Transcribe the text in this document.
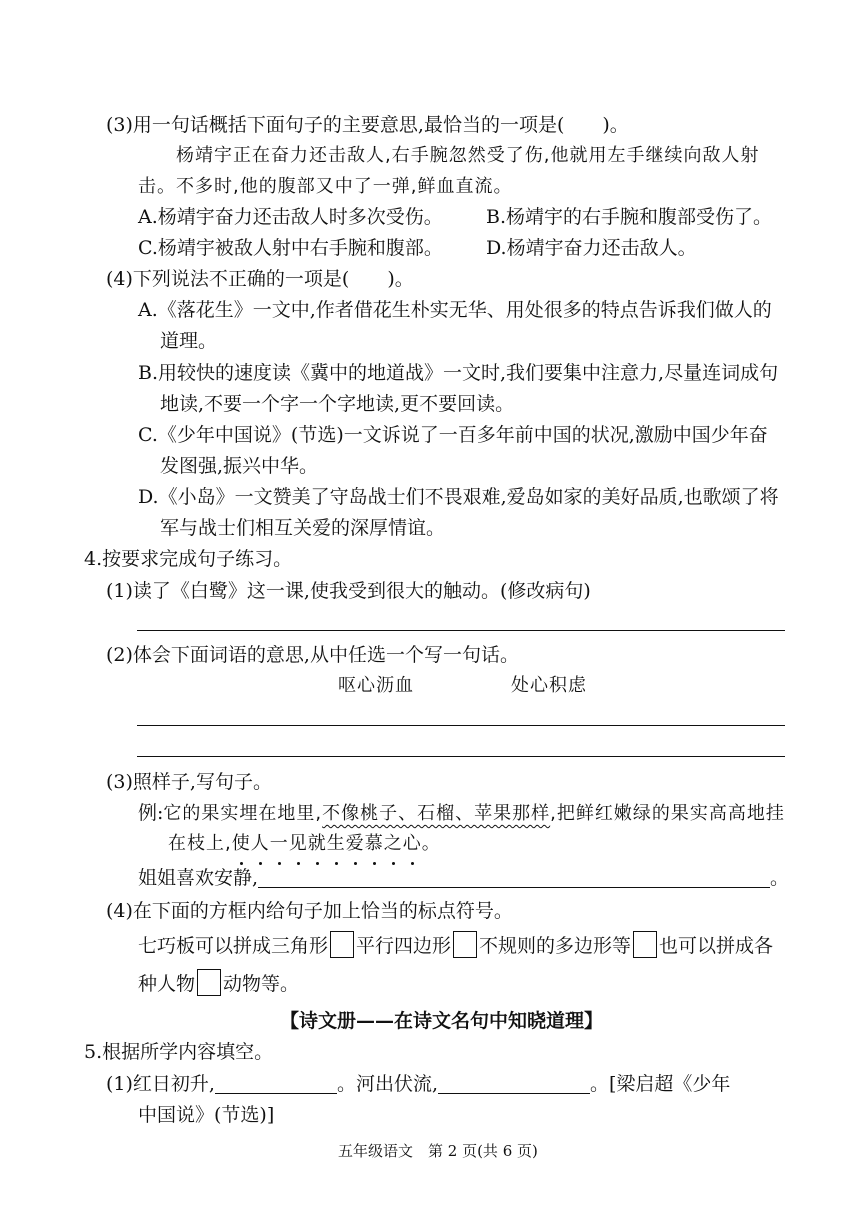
(3)用一句话概括下面句子的主要意思,最恰当的一项是(　　)。
杨靖宇正在奋力还击敌人,右手腕忽然受了伤,他就用左手继续向敌人射
击。不多时,他的腹部又中了一弹,鲜血直流。
A.杨靖宇奋力还击敌人时多次受伤。 B.杨靖宇的右手腕和腹部受伤了。
C.杨靖宇被敌人射中右手腕和腹部。 D.杨靖宇奋力还击敌人。
(4)下列说法不正确的一项是(　　)。
A.《落花生》一文中,作者借花生朴实无华、用处很多的特点告诉我们做人的
道理。
B.用较快的速度读《冀中的地道战》一文时,我们要集中注意力,尽量连词成句
地读,不要一个字一个字地读,更不要回读。
C.《少年中国说》(节选)一文诉说了一百多年前中国的状况,激励中国少年奋
发图强,振兴中华。
D.《小岛》一文赞美了守岛战士们不畏艰难,爱岛如家的美好品质,也歌颂了将
军与战士们相互关爱的深厚情谊。
4.按要求完成句子练习。
(1)读了《白鹭》这一课,使我受到很大的触动。(修改病句)
(2)体会下面词语的意思,从中任选一个写一句话。
呕心沥血	处心积虑
(3)照样子,写句子。
例:它的果实埋在地里,不像桃子、石榴、苹果那样,把鲜红嫩绿的果实高高地挂
在枝上,使人一见就生爱慕之心。
姐姐喜欢安静,	。
(4)在下面的方框内给句子加上恰当的标点符号。
七巧板可以拼成三角形 平行四边形 不规则的多边形等 也可以拼成各
种人物 动物等。
【诗文册——在诗文名句中知晓道理】
5.根据所学内容填空。
(1)红日初升,	。河出伏流,	。[梁启超《少年
中国说》(节选)]
五年级语文　第 2 页(共 6 页)
